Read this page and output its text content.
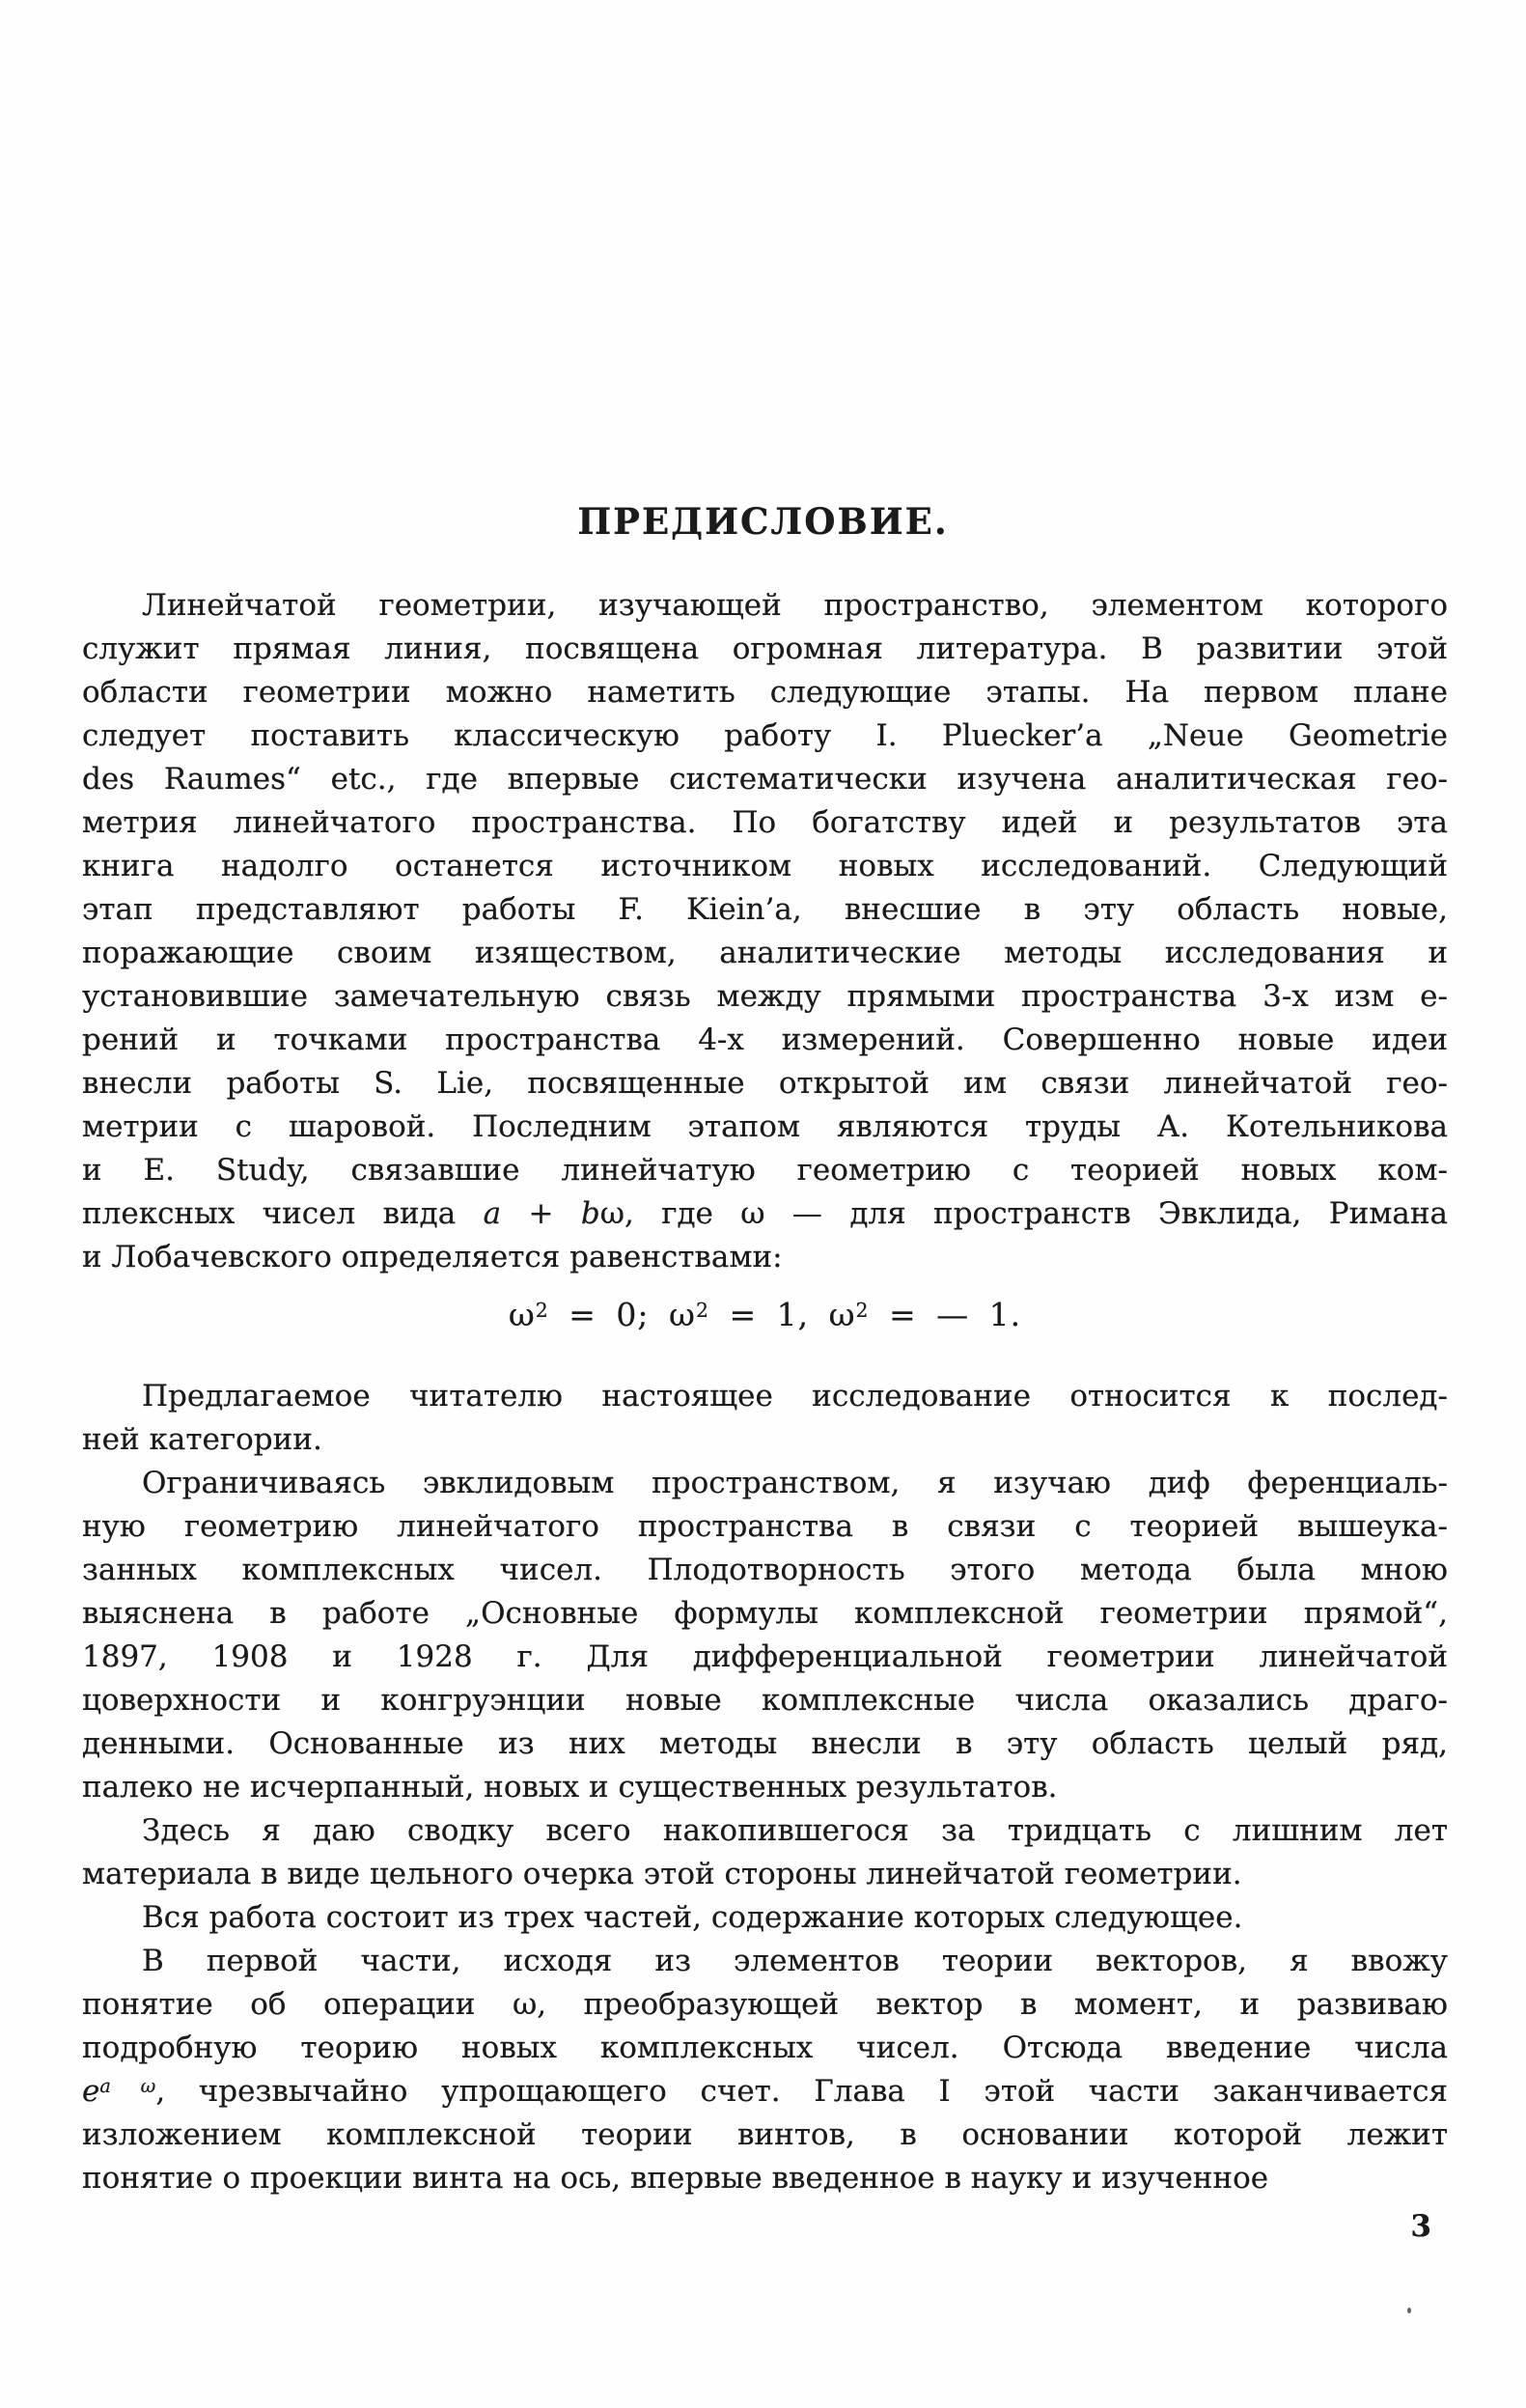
ПРЕДИСЛОВИЕ.
Линейчатой геометрии, изучающей пространство, элементом которого
служит прямая линия, посвящена огромная литература. В развитии этой
области геометрии можно наметить следующие этапы. На первом плане
следует поставить классическую работу I. Pluecker’a „Neue Geometrie
des Raumes“ etc., где впервые систематически изучена аналитическая гео-
метрия линейчатого пространства. По богатству идей и результатов эта
книга надолго останется источником новых исследований. Следующий
этап представляют работы F. Kiein’a, внесшие в эту область новые,
поражающие своим изяществом, аналитические методы исследования и
установившие замечательную связь между прямыми пространства 3-х изм е-
рений и точками пространства 4-х измерений. Совершенно новые идеи
внесли работы S. Lie, посвященные открытой им связи линейчатой гео-
метрии с шаровой. Последним этапом являются труды А. Котельникова
и Е. Study, связавшие линейчатую геометрию с теорией новых ком-
плексных чисел вида a + bω, где ω — для пространств Эвклида, Римана
и Лобачевского определяется равенствами:
$\omega^2 = 0$; $\omega^2 = 1$, $\omega^2$ = — 1.
Предлагаемое читателю настоящее исследование относится к послед-
ней категории.
Ограничиваясь эвклидовым пространством, я изучаю диф ференциаль-
ную геометрию линейчатого пространства в связи с теорией вышеука-
занных комплексных чисел. Плодотворность этого метода была мною
выяснена в работе „Основные формулы комплексной геометрии прямой“,
1897, 1908 и 1928 г. Для дифференциальной геометрии линейчатой
цоверхности и конгруэнции новые комплексные числа оказались драго-
денными. Основанные из них методы внесли в эту область целый ряд,
палеко не исчерпанный, новых и существенных результатов.
Здесь я даю сводку всего накопившегося за тридцать с лишним лет
материала в виде цельного очерка этой стороны линейчатой геометрии.
Вся работа состоит из трех частей, содержание которых следующее.
В первой части, исходя из элементов теории векторов, я ввожу
понятие об операции ω, преобразующей вектор в момент, и развиваю
подробную теорию новых комплексных чисел. Отсюда введение числа
$e^{a \omega}$, чрезвычайно упрощающего счет. Глава I этой части заканчивается
изложением комплексной теории винтов, в основании которой лежит
понятие о проекции винта на ось, впервые введенное в науку и изученное
3
